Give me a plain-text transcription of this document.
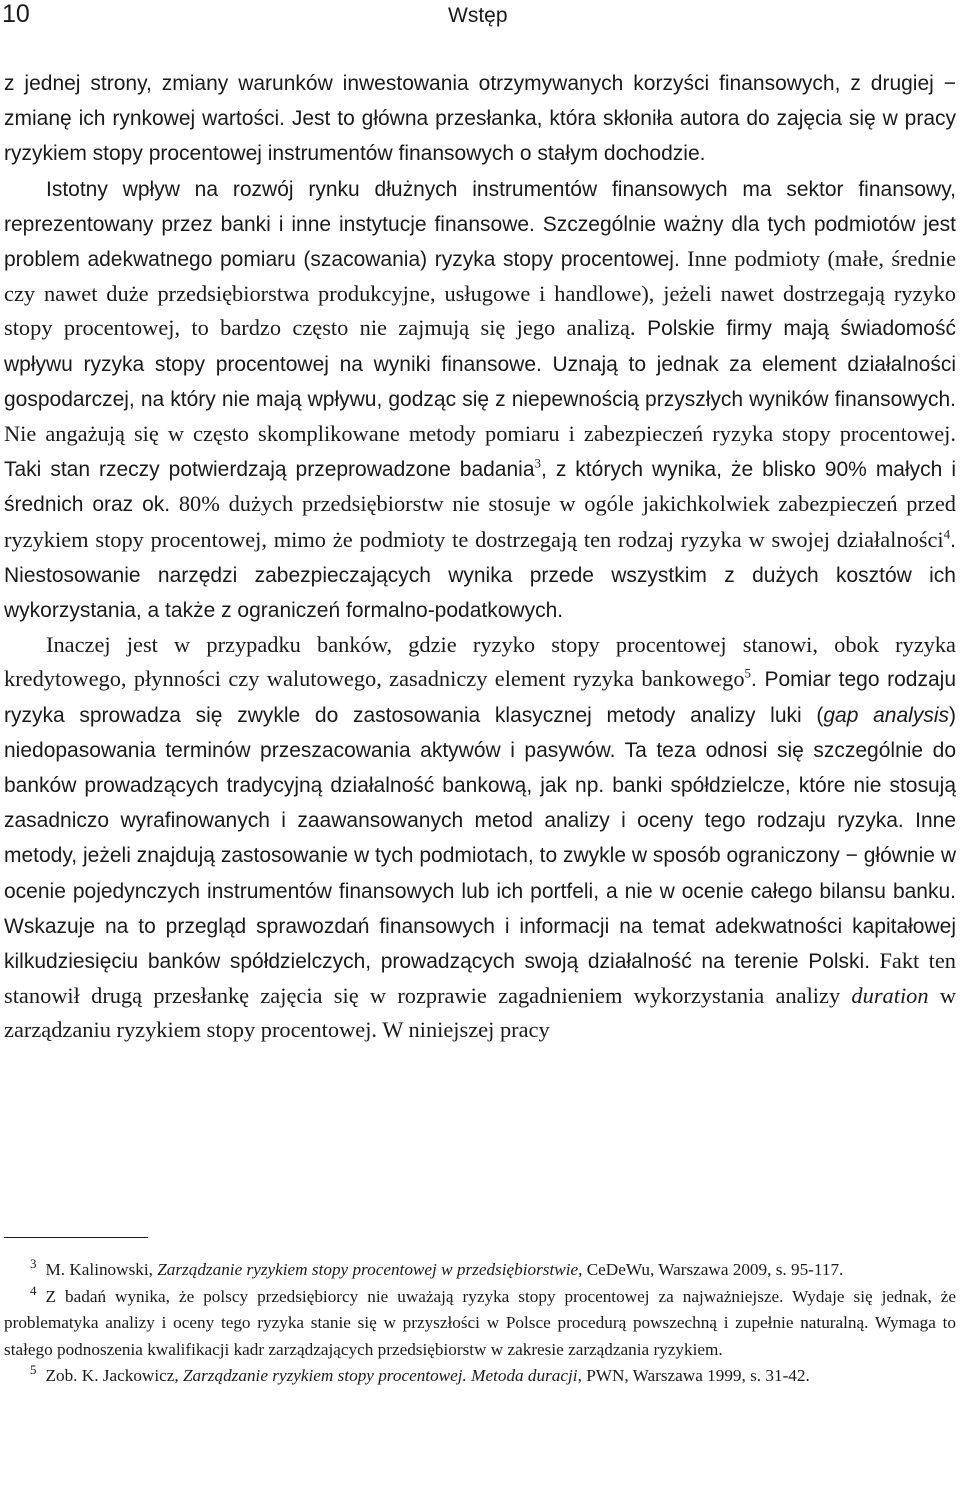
10	Wstęp

z jednej strony, zmiany warunków inwestowania otrzymywanych korzyści finansowych, z drugiej − zmianę ich rynkowej wartości. Jest to główna przesłanka, która skłoniła autora do zajęcia się w pracy ryzykiem stopy procentowej instrumentów finansowych o stałym dochodzie.

Istotny wpływ na rozwój rynku dłużnych instrumentów finansowych ma sektor finansowy, reprezentowany przez banki i inne instytucje finansowe. Szczególnie ważny dla tych podmiotów jest problem adekwatnego pomiaru (szacowania) ryzyka stopy procentowej. Inne podmioty (małe, średnie czy nawet duże przedsiębiorstwa produkcyjne, usługowe i handlowe), jeżeli nawet dostrzegają ryzyko stopy procentowej, to bardzo często nie zajmują się jego analizą. Polskie firmy mają świadomość wpływu ryzyka stopy procentowej na wyniki finansowe. Uznają to jednak za element działalności gospodarczej, na który nie mają wpływu, godząc się z niepewnością przyszłych wyników finansowych. Nie angażują się w często skomplikowane metody pomiaru i zabezpieczeń ryzyka stopy procentowej. Taki stan rzeczy potwierdzają przeprowadzone badania$^3$, z których wynika, że blisko 90% małych i średnich oraz ok. 80% dużych przedsiębiorstw nie stosuje w ogóle jakichkolwiek zabezpieczeń przed ryzykiem stopy procentowej, mimo że podmioty te dostrzegają ten rodzaj ryzyka w swojej działalności$^4$. Niestosowanie narzędzi zabezpieczających wynika przede wszystkim z dużych kosztów ich wykorzystania, a także z ograniczeń formalno-podatkowych.

Inaczej jest w przypadku banków, gdzie ryzyko stopy procentowej stanowi, obok ryzyka kredytowego, płynności czy walutowego, zasadniczy element ryzyka bankowego$^5$. Pomiar tego rodzaju ryzyka sprowadza się zwykle do zastosowania klasycznej metody analizy luki (gap analysis) niedopasowania terminów przeszacowania aktywów i pasywów. Ta teza odnosi się szczególnie do banków prowadzących tradycyjną działalność bankową, jak np. banki spółdzielcze, które nie stosują zasadniczo wyrafinowanych i zaawansowanych metod analizy i oceny tego rodzaju ryzyka. Inne metody, jeżeli znajdują zastosowanie w tych podmiotach, to zwykle w sposób ograniczony − głównie w ocenie pojedynczych instrumentów finansowych lub ich portfeli, a nie w ocenie całego bilansu banku. Wskazuje na to przegląd sprawozdań finansowych i informacji na temat adekwatności kapitałowej kilkudziesięciu banków spółdzielczych, prowadzących swoją działalność na terenie Polski. Fakt ten stanowił drugą przesłankę zajęcia się w rozprawie zagadnieniem wykorzystania analizy duration w zarządzaniu ryzykiem stopy procentowej. W niniejszej pracy

$^3$ M. Kalinowski, Zarządzanie ryzykiem stopy procentowej w przedsiębiorstwie, CeDeWu, Warszawa 2009, s. 95-117.

$^4$ Z badań wynika, że polscy przedsiębiorcy nie uważają ryzyka stopy procentowej za najważniejsze. Wydaje się jednak, że problematyka analizy i oceny tego ryzyka stanie się w przyszłości w Polsce procedurą powszechną i zupełnie naturalną. Wymaga to stałego podnoszenia kwalifikacji kadr zarządzających przedsiębiorstw w zakresie zarządzania ryzykiem.

$^5$ Zob. K. Jackowicz, Zarządzanie ryzykiem stopy procentowej. Metoda duracji, PWN, Warszawa 1999, s. 31-42.
